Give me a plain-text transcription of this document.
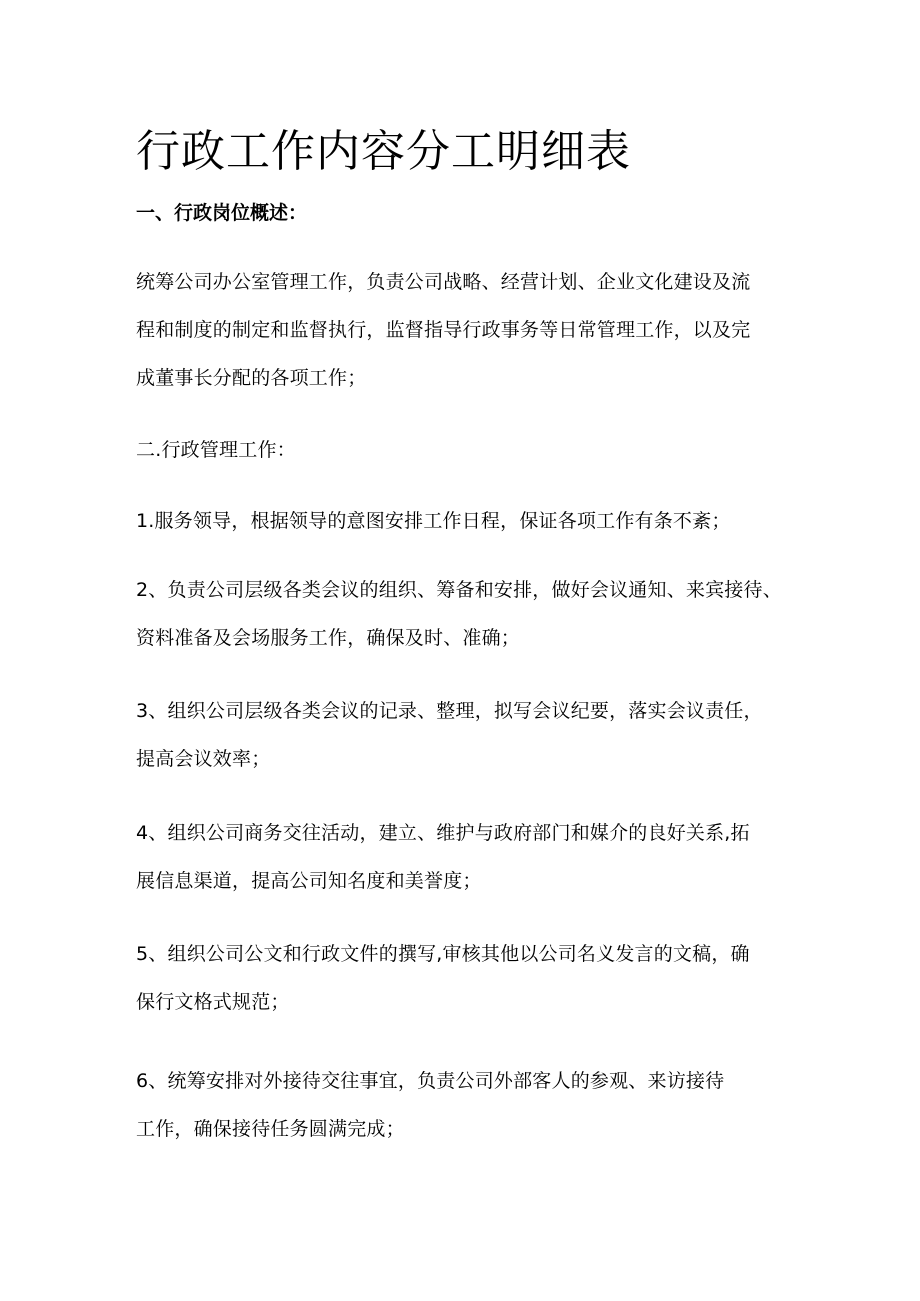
行政工作内容分工明细表
一、行政岗位概述：

统筹公司办公室管理工作，负责公司战略、经营计划、企业文化建设及流
程和制度的制定和监督执行，监督指导行政事务等日常管理工作，以及完
成董事长分配的各项工作；

二.行政管理工作：

1.服务领导，根据领导的意图安排工作日程，保证各项工作有条不紊；

2、负责公司层级各类会议的组织、筹备和安排，做好会议通知、来宾接待、
资料准备及会场服务工作，确保及时、准确；

3、组织公司层级各类会议的记录、整理，拟写会议纪要，落实会议责任，
提高会议效率；

4、组织公司商务交往活动，建立、维护与政府部门和媒介的良好关系,拓
展信息渠道，提高公司知名度和美誉度；

5、组织公司公文和行政文件的撰写,审核其他以公司名义发言的文稿，确
保行文格式规范；

6、统筹安排对外接待交往事宜，负责公司外部客人的参观、来访接待
工作，确保接待任务圆满完成；
